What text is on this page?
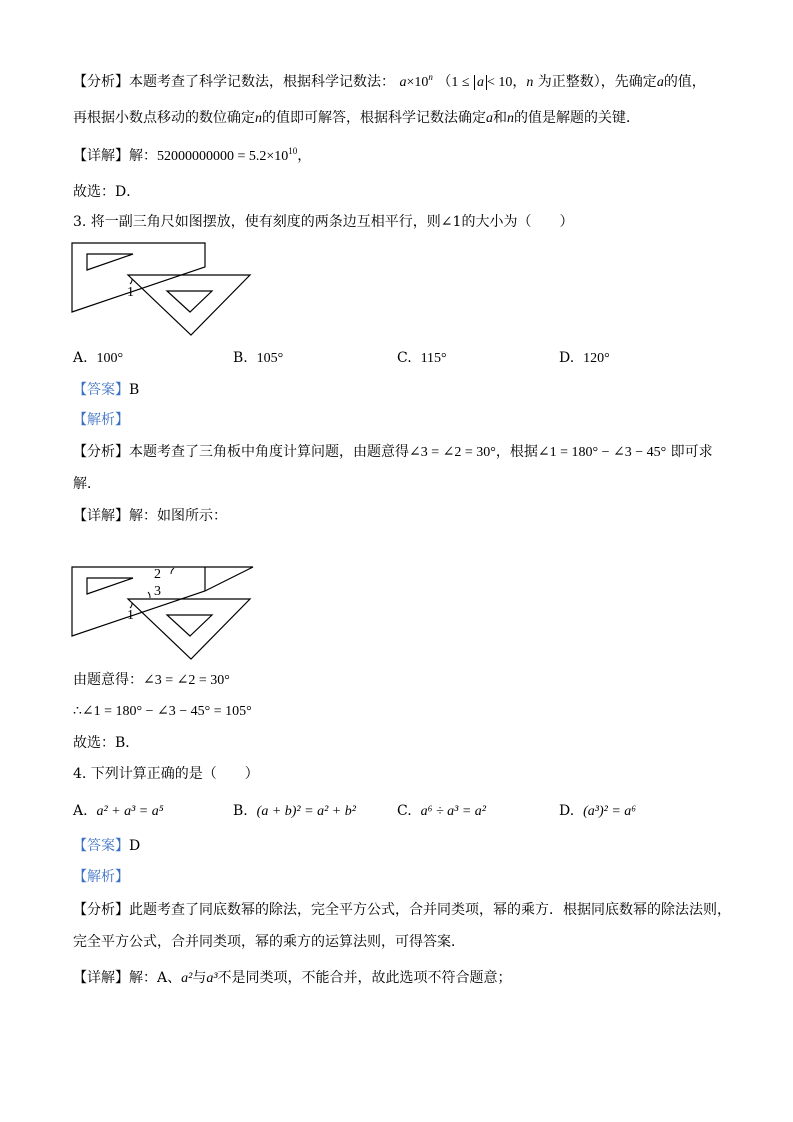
【分析】本题考查了科学记数法，根据科学记数法： $a\times 10^n$ （1 ≤ a < 10，n 为正整数），先确定a的值，
再根据小数点移动的数位确定n的值即可解答，根据科学记数法确定a和n的值是解题的关键．
【详解】解：$52000000000 = 5.2\times 10^{10}$，
故选：D．
3. 将一副三角尺如图摆放，使有刻度的两条边互相平行，则∠1的大小为（　　）
1
A. 100°	B. 105°	C. 115°	D. 120°
【答案】B
【解析】
【分析】本题考查了三角板中角度计算问题，由题意得∠3 = ∠2 = 30°，根据∠1 = 180° − ∠3 − 45° 即可求
解．
【详解】解：如图所示：
2
3
1
由题意得：∠3 = ∠2 = 30°
∴∠1 = 180° − ∠3 − 45° = 105°
故选：B．
4. 下列计算正确的是（　　）
A. a² + a³ = a⁵	B. (a + b)² = a² + b²	C. a⁶ ÷ a³ = a²	D. (a³)² = a⁶
【答案】D
【解析】
【分析】此题考查了同底数幂的除法，完全平方公式，合并同类项，幂的乘方．根据同底数幂的除法法则，
完全平方公式，合并同类项，幂的乘方的运算法则，可得答案．
【详解】解：A、a²与a³不是同类项，不能合并，故此选项不符合题意；
